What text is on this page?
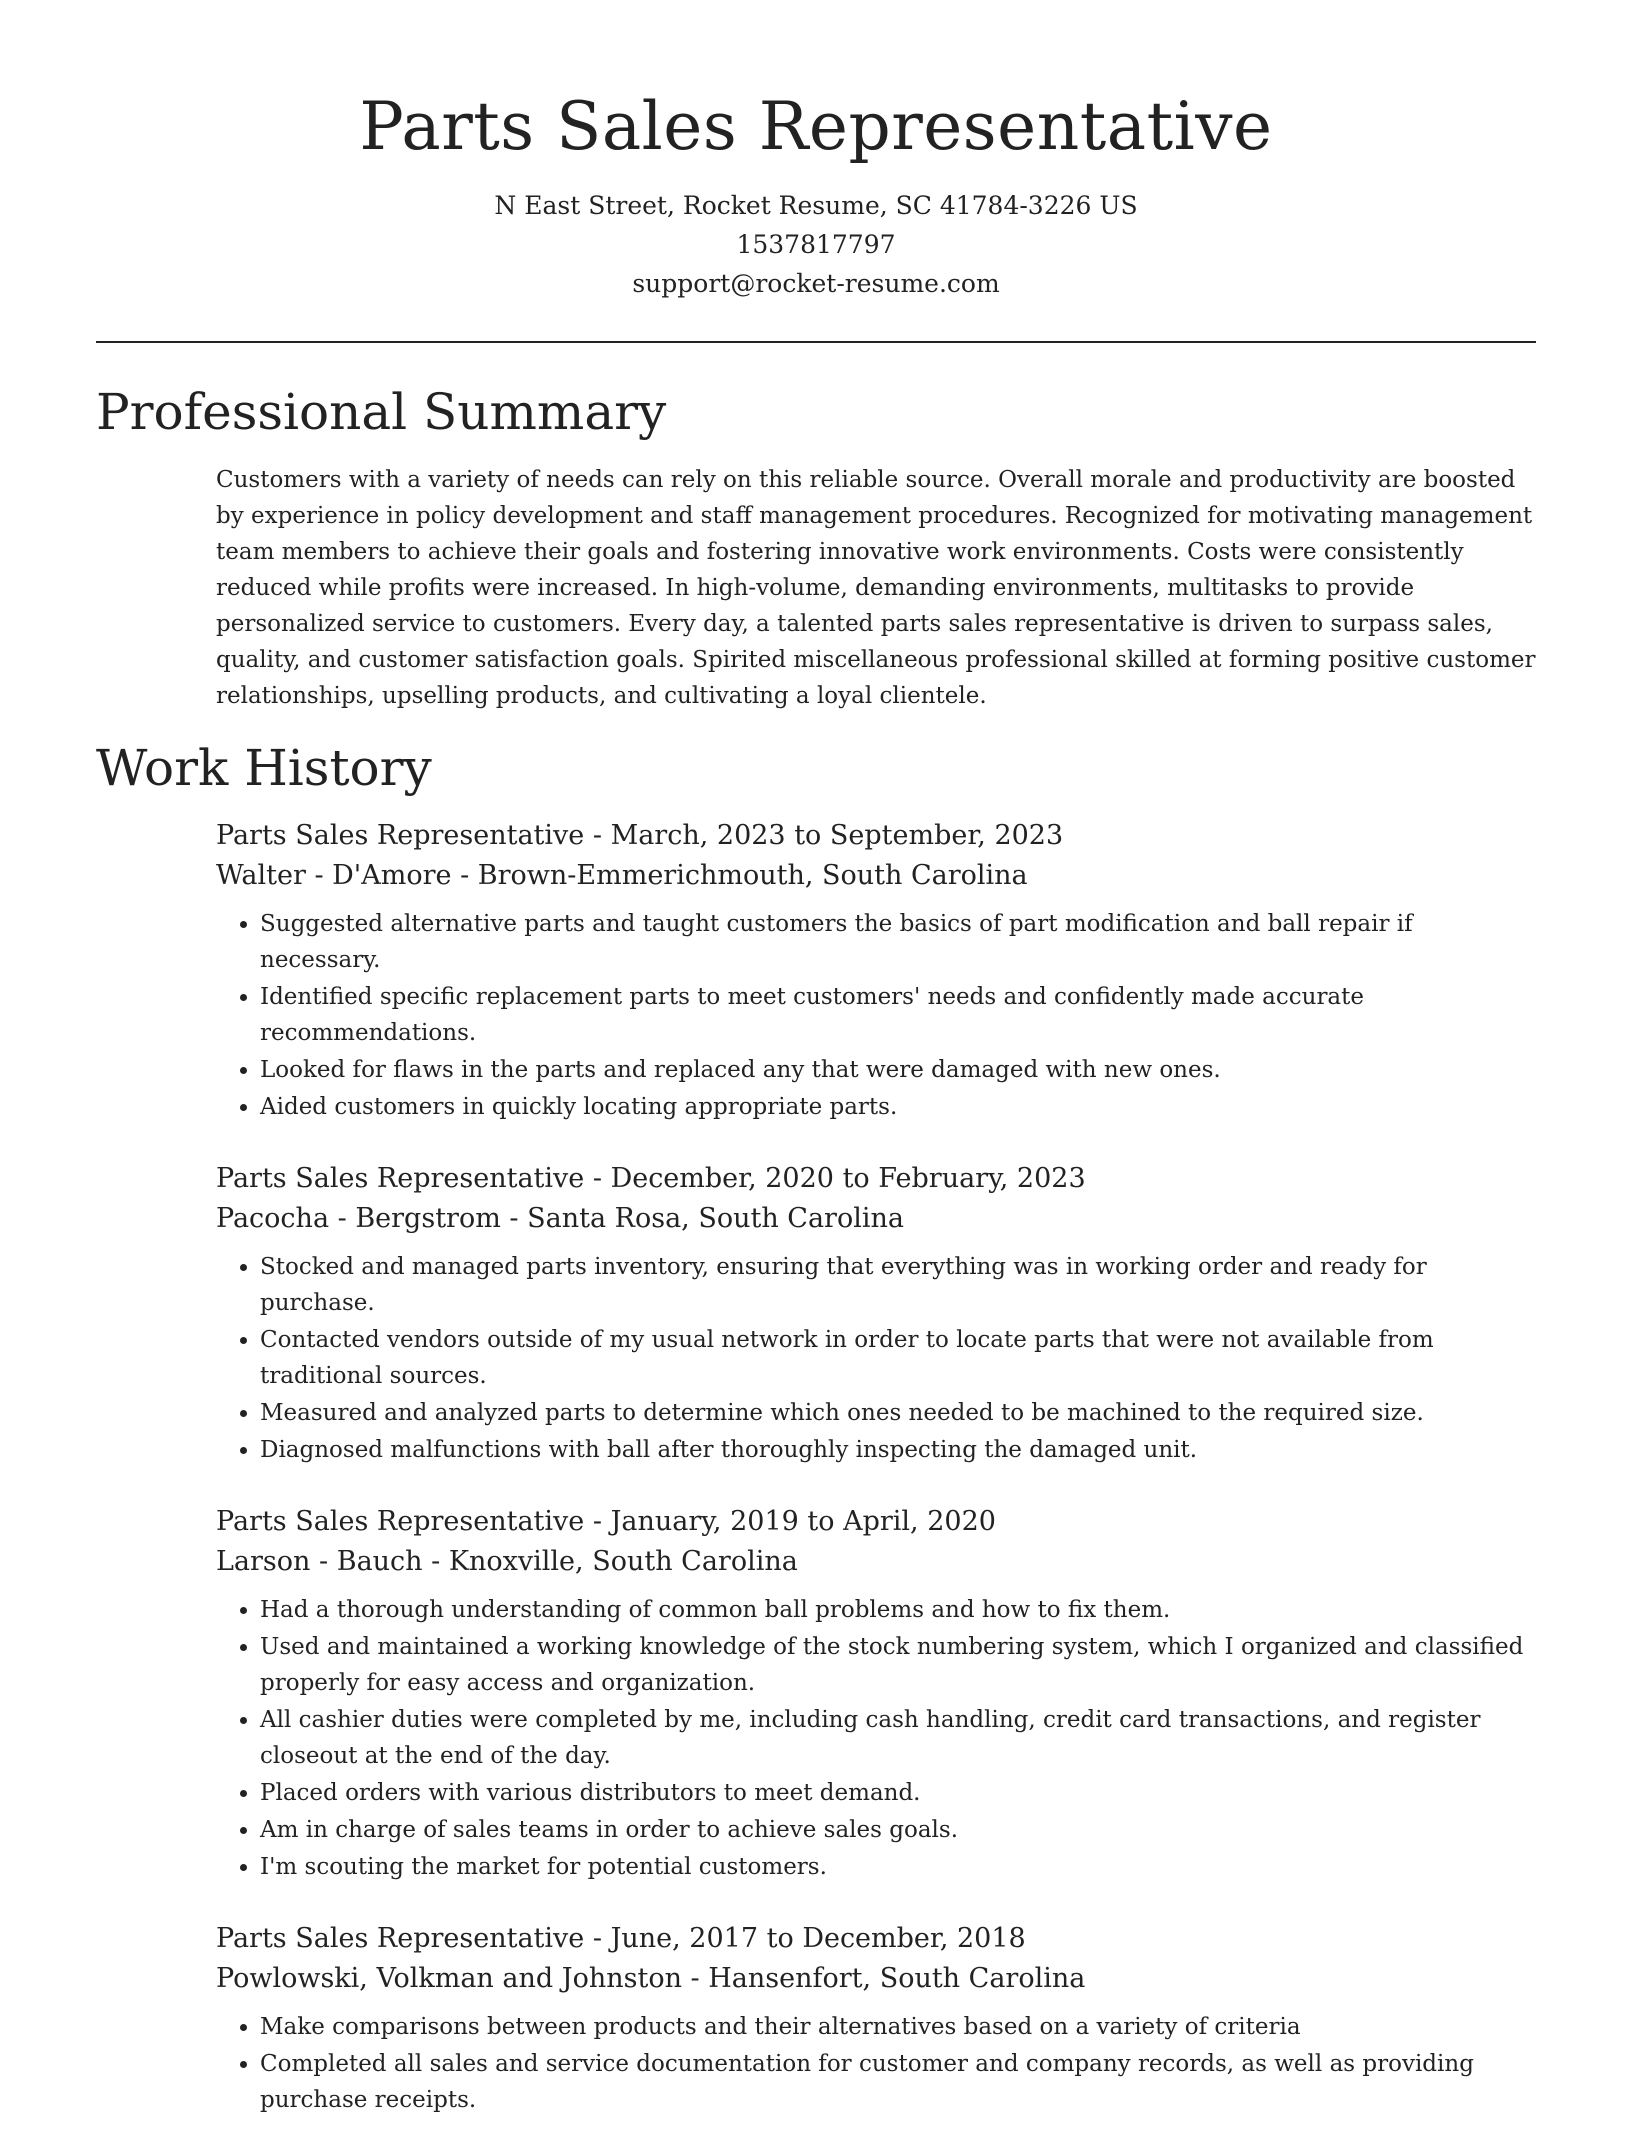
Parts Sales Representative
N East Street, Rocket Resume, SC 41784-3226 US
1537817797
support@rocket-resume.com
Professional Summary

Customers with a variety of needs can rely on this reliable source. Overall morale and productivity are boosted by experience in policy development and staff management procedures. Recognized for motivating management team members to achieve their goals and fostering innovative work environments. Costs were consistently reduced while profits were increased. In high-volume, demanding environments, multitasks to provide personalized service to customers. Every day, a talented parts sales representative is driven to surpass sales, quality, and customer satisfaction goals. Spirited miscellaneous professional skilled at forming positive customer relationships, upselling products, and cultivating a loyal clientele.

Work History
Parts Sales Representative - March, 2023 to September, 2023
Walter - D'Amore - Brown-Emmerichmouth, South Carolina
• Suggested alternative parts and taught customers the basics of part modification and ball repair if necessary.
• Identified specific replacement parts to meet customers' needs and confidently made accurate recommendations.
• Looked for flaws in the parts and replaced any that were damaged with new ones.
• Aided customers in quickly locating appropriate parts.
Parts Sales Representative - December, 2020 to February, 2023
Pacocha - Bergstrom - Santa Rosa, South Carolina
• Stocked and managed parts inventory, ensuring that everything was in working order and ready for purchase.
• Contacted vendors outside of my usual network in order to locate parts that were not available from traditional sources.
• Measured and analyzed parts to determine which ones needed to be machined to the required size.
• Diagnosed malfunctions with ball after thoroughly inspecting the damaged unit.
Parts Sales Representative - January, 2019 to April, 2020
Larson - Bauch - Knoxville, South Carolina
• Had a thorough understanding of common ball problems and how to fix them.
• Used and maintained a working knowledge of the stock numbering system, which I organized and classified properly for easy access and organization.
• All cashier duties were completed by me, including cash handling, credit card transactions, and register closeout at the end of the day.
• Placed orders with various distributors to meet demand.
• Am in charge of sales teams in order to achieve sales goals.
• I'm scouting the market for potential customers.
Parts Sales Representative - June, 2017 to December, 2018
Powlowski, Volkman and Johnston - Hansenfort, South Carolina
• Make comparisons between products and their alternatives based on a variety of criteria
• Completed all sales and service documentation for customer and company records, as well as providing purchase receipts.
